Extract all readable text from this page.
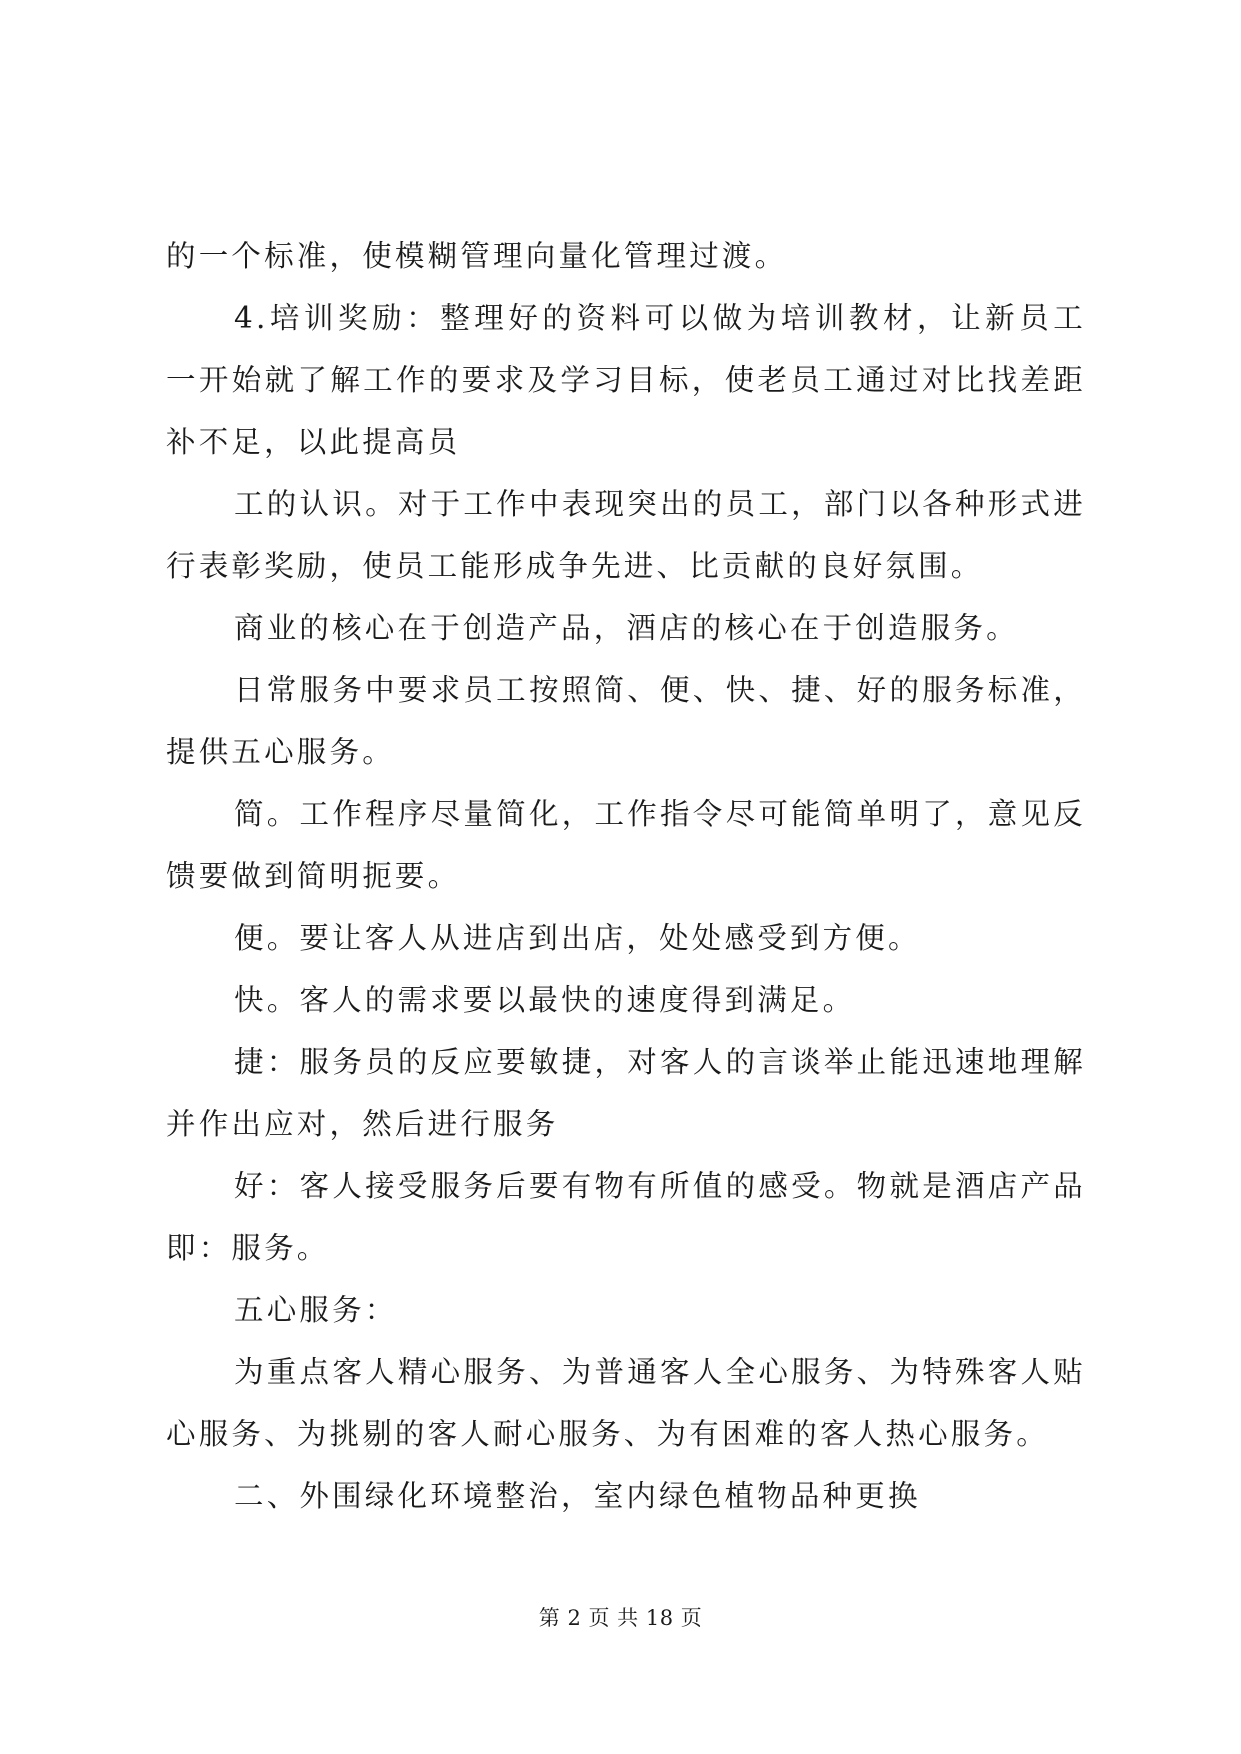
的一个标准，使模糊管理向量化管理过渡。

4.培训奖励：整理好的资料可以做为培训教材，让新员工一开始就了解工作的要求及学习目标，使老员工通过对比找差距补不足，以此提高员

工的认识。对于工作中表现突出的员工，部门以各种形式进行表彰奖励，使员工能形成争先进、比贡献的良好氛围。

商业的核心在于创造产品，酒店的核心在于创造服务。

日常服务中要求员工按照简、便、快、捷、好的服务标准，提供五心服务。

简。工作程序尽量简化，工作指令尽可能简单明了，意见反馈要做到简明扼要。

便。要让客人从进店到出店，处处感受到方便。

快。客人的需求要以最快的速度得到满足。

捷：服务员的反应要敏捷，对客人的言谈举止能迅速地理解并作出应对，然后进行服务

好：客人接受服务后要有物有所值的感受。物就是酒店产品即：服务。

五心服务：

为重点客人精心服务、为普通客人全心服务、为特殊客人贴心服务、为挑剔的客人耐心服务、为有困难的客人热心服务。

二、外围绿化环境整治，室内绿色植物品种更换

第 2 页 共 18 页
